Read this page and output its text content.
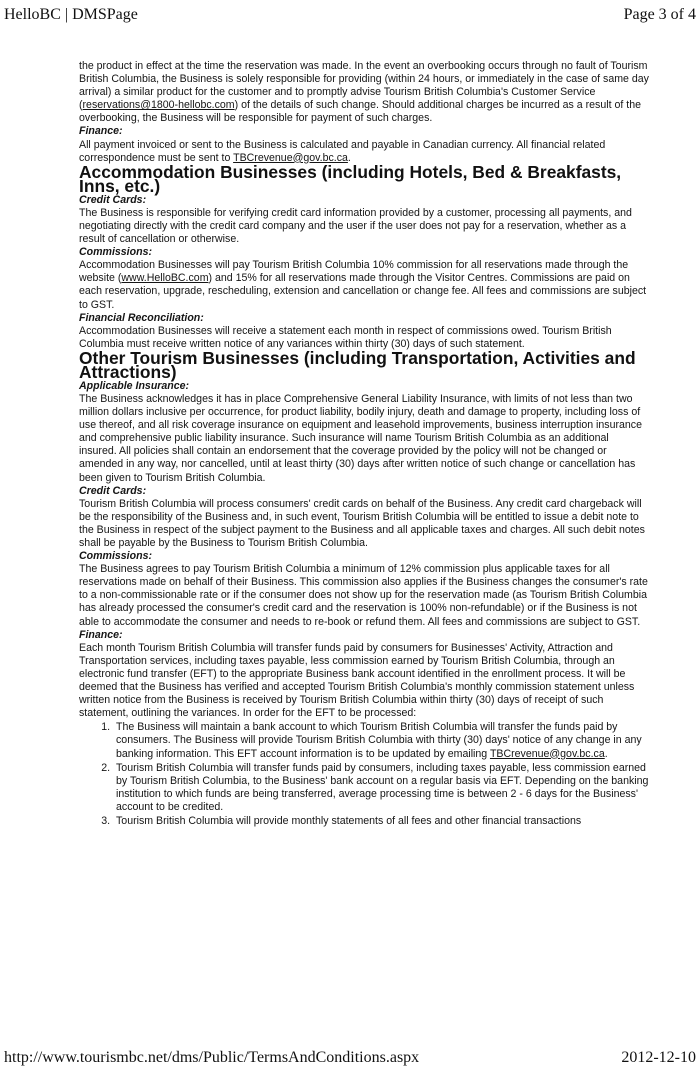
HelloBC | DMSPage	Page 3 of 4

the product in effect at the time the reservation was made. In the event an overbooking occurs through no fault of Tourism British Columbia, the Business is solely responsible for providing (within 24 hours, or immediately in the case of same day arrival) a similar product for the customer and to promptly advise Tourism British Columbia's Customer Service (reservations@1800-hellobc.com) of the details of such change. Should additional charges be incurred as a result of the overbooking, the Business will be responsible for payment of such charges.

Finance:

All payment invoiced or sent to the Business is calculated and payable in Canadian currency. All financial related correspondence must be sent to TBCrevenue@gov.bc.ca.

Accommodation Businesses (including Hotels, Bed & Breakfasts, Inns, etc.)

Credit Cards:

The Business is responsible for verifying credit card information provided by a customer, processing all payments, and negotiating directly with the credit card company and the user if the user does not pay for a reservation, whether as a result of cancellation or otherwise.

Commissions:

Accommodation Businesses will pay Tourism British Columbia 10% commission for all reservations made through the website (www.HelloBC.com) and 15% for all reservations made through the Visitor Centres. Commissions are paid on each reservation, upgrade, rescheduling, extension and cancellation or change fee. All fees and commissions are subject to GST.

Financial Reconciliation:

Accommodation Businesses will receive a statement each month in respect of commissions owed. Tourism British Columbia must receive written notice of any variances within thirty (30) days of such statement.

Other Tourism Businesses (including Transportation, Activities and Attractions)

Applicable Insurance:

The Business acknowledges it has in place Comprehensive General Liability Insurance, with limits of not less than two million dollars inclusive per occurrence, for product liability, bodily injury, death and damage to property, including loss of use thereof, and all risk coverage insurance on equipment and leasehold improvements, business interruption insurance and comprehensive public liability insurance. Such insurance will name Tourism British Columbia as an additional insured. All policies shall contain an endorsement that the coverage provided by the policy will not be changed or amended in any way, nor cancelled, until at least thirty (30) days after written notice of such change or cancellation has been given to Tourism British Columbia.

Credit Cards:

Tourism British Columbia will process consumers' credit cards on behalf of the Business. Any credit card chargeback will be the responsibility of the Business and, in such event, Tourism British Columbia will be entitled to issue a debit note to the Business in respect of the subject payment to the Business and all applicable taxes and charges. All such debit notes shall be payable by the Business to Tourism British Columbia.

Commissions:

The Business agrees to pay Tourism British Columbia a minimum of 12% commission plus applicable taxes for all reservations made on behalf of their Business. This commission also applies if the Business changes the consumer's rate to a non-commissionable rate or if the consumer does not show up for the reservation made (as Tourism British Columbia has already processed the consumer's credit card and the reservation is 100% non-refundable) or if the Business is not able to accommodate the consumer and needs to re-book or refund them. All fees and commissions are subject to GST.

Finance:

Each month Tourism British Columbia will transfer funds paid by consumers for Businesses' Activity, Attraction and Transportation services, including taxes payable, less commission earned by Tourism British Columbia, through an electronic fund transfer (EFT) to the appropriate Business bank account identified in the enrollment process. It will be deemed that the Business has verified and accepted Tourism British Columbia's monthly commission statement unless written notice from the Business is received by Tourism British Columbia within thirty (30) days of receipt of such statement, outlining the variances. In order for the EFT to be processed:

1. The Business will maintain a bank account to which Tourism British Columbia will transfer the funds paid by consumers. The Business will provide Tourism British Columbia with thirty (30) days' notice of any change in any banking information. This EFT account information is to be updated by emailing TBCrevenue@gov.bc.ca.
2. Tourism British Columbia will transfer funds paid by consumers, including taxes payable, less commission earned by Tourism British Columbia, to the Business' bank account on a regular basis via EFT. Depending on the banking institution to which funds are being transferred, average processing time is between 2 - 6 days for the Business' account to be credited.
3. Tourism British Columbia will provide monthly statements of all fees and other financial transactions
http://www.tourismbc.net/dms/Public/TermsAndConditions.aspx	2012-12-10
